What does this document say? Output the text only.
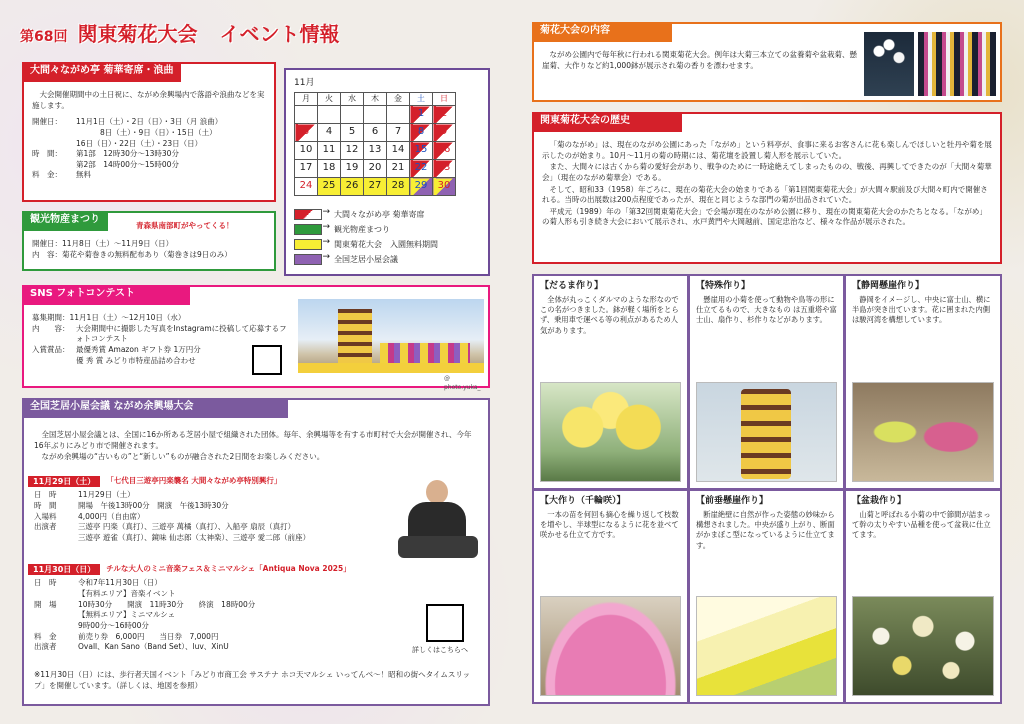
第68回 関東菊花大会 イベント情報
大間々ながめ亭 菊華寄席・浪曲

大会開催期間中の土日祝に、ながめ余興場内で落語や浪曲などを実施します。

開催日：	11月1日（土）・2日（日）・3日（月 浪曲）
8日（土）・9日（日）・15日（土）
16日（日）・22日（土）・23日（日）
時　間：	第1部　12時30分～13時30分
第2部　14時00分～15時00分
料　金：	無料
11月
月	火	水	木	金	土	日
					1	2
3	4	5	6	7	8	9
10	11	12	13	14	15	16
17	18	19	20	21	22	23
24	25	26	27	28	29	30
→
大間々ながめ亭 菊華寄席
→
観光物産まつり
→
関東菊花大会　入園無料期間
→
全国芝居小屋会議
観光物産まつり
青森県南部町がやってくる！
開催日：11月8日（土）～11月9日（日）
内　容：菊花や菊巻きの無料配布あり（菊巻きは9日のみ）
SNS フォトコンテスト
募集期間：11月1日（土）～12月10日（水）
内　　容： 大会期間中に撮影した写真をInstagramに投稿して応募するフォトコンテスト
入賞賞品： 最優秀賞 Amazon ギフト券 1万円分
優 秀 賞 みどり市特産品詰め合わせ
@ photo.yuka_
全国芝居小屋会議 ながめ余興場大会

全国芝居小屋会議とは、全国に16か所ある芝居小屋で組織された団体。毎年、余興場等を有する市町村で大会が開催され、今年16年ぶりにみどり市で開催されます。

ながめ余興場の“古いもの”と“新しい”ものが融合された2日間をお楽しみください。

11月29日（土）	「七代目三遊亭円楽襲名 大間々ながめ亭特別興行」
日　時	11月29日（土）
時　間	開場　午後13時00分　開演　午後13時30分
入場料	4,000円（自由席）
出演者	三遊亭 円楽（真打）、三遊亭 萬橘（真打）、入船亭 扇辰（真打）
三遊亭 遊雀（真打）、鏡味 仙志郎（太神楽）、三遊亭 愛二郎（前座）
11月30日（日）	チルな大人のミニ音楽フェス＆ミニマルシェ「Antiqua Nova 2025」
日　時	令和7年11月30日（日）
【有料エリア】音楽イベント
開　場	10時30分　　開演　11時30分　　終演　18時00分
【無料エリア】ミニマルシェ
9時00分～16時00分
料　金	前売り券　6,000円　　当日券　7,000円
出演者	Ovall、Kan Sano（Band Set）、luv、XinU	詳しくはこちらへ
※11月30日（日）には、歩行者天国イベント「みどり市商工会 サステナ ホコ天マルシェ いってんべ～！昭和の街へタイムスリップ」を開催しています。（詳しくは、地図を参照）
菊花大会の内容
ながめ公園内で毎年秋に行われる関東菊花大会。例年は大菊三本立ての盆養菊や盆栽菊、懸崖菊、大作りなど約1,000鉢が展示され菊の香りを漂わせます。
関東菊花大会の歴史

「菊のながめ」は、現在のながめ公園にあった「ながめ」という料亭が、食事に来るお客さんに花も楽しんでほしいと牡丹や菊を展示したのが始まり。10月～11月の菊の時期には、菊花壇を設置し菊人形を展示していた。

また、大間々には古くから菊の愛好会があり、戦争のために一時途絶えてしまったものの、戦後、再興してできたのが「大間々菊華会」（現在のながめ菊華会）である。

そして、昭和33（1958）年ごろに、現在の菊花大会の始まりである「第1回関東菊花大会」が大間々駅前及び大間々町内で開催される。当時の出展数は200点程度であったが、現在と同じような部門の菊が出品されていた。

平成元（1989）年の「第32回関東菊花大会」で会場が現在のながめ公園に移り、現在の関東菊花大会のかたちとなる。「ながめ」の菊人形も引き続き大会において展示され、水戸黄門や大岡越前、国定忠治など、様々な作品が展示された。

【だるま作り】
全体が丸っこくダルマのような形なのでこの名がつきました。鉢が軽く場所をとらず、乗用車で運べる等の利点があるため人気があります。
【特殊作り】
懸崖用の小菊を使って動物や鳥等の形に仕立てるもので、大きなもの は五重塔や富士山、扇作り、杉作りなどがあります。
【静岡懸崖作り】
静岡をイメージし、中央に富士山、横に半島が突き出ています。花に囲まれた内側は駿河湾を構想しています。
【大作り（千輪咲）】
一本の苗を何回も摘心を繰り返して枝数を増やし、半球型になるように花を並べて咲かせる仕立て方です。
【前垂懸崖作り】
断崖絶壁に自然が作った姿態の妙味から構想されました。中央が盛り上がり、断面がかまぼこ型になっているように仕立てます。
【盆栽作り】
山菊と呼ばれる小菊の中で節間が詰まって幹の太りやすい品種を使って盆栽に仕立てます。
